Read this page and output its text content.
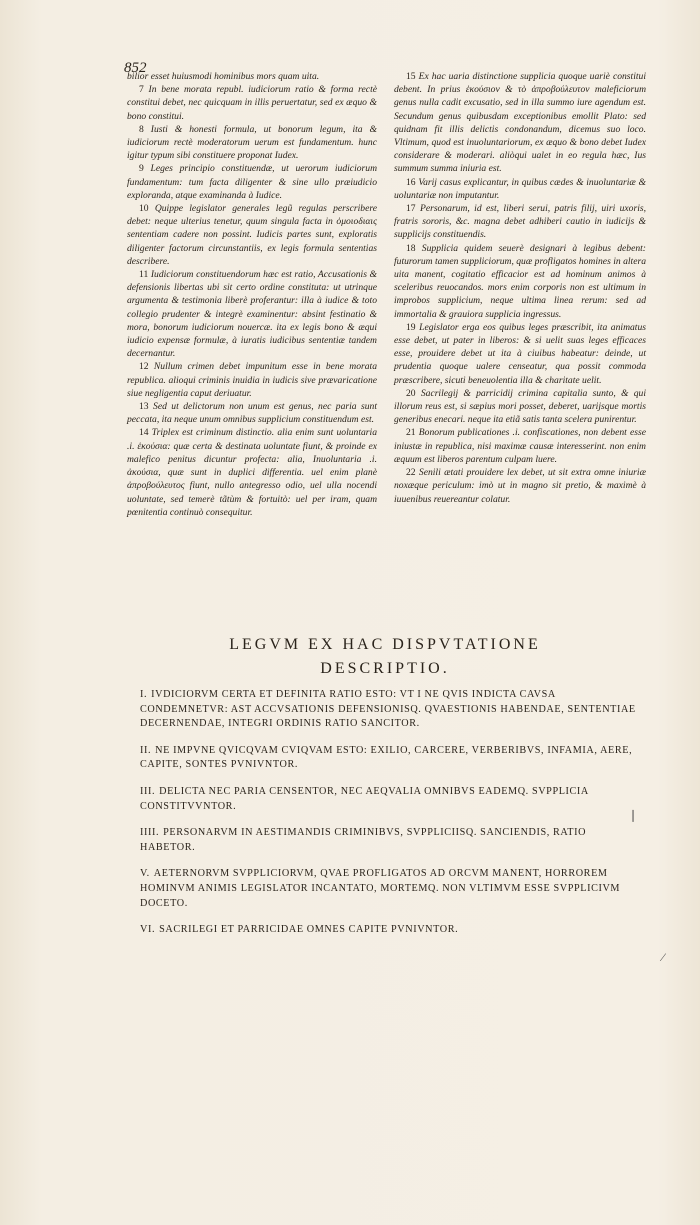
852

bilior esset huiusmodi hominibus mors quam uita.

7 In bene morata republ. iudiciorum ratio & forma rectè constitui debet, nec quicquam in illis peruertatur, sed ex æquo & bono constitui.

8 Iusti & honesti formula, ut bonorum legum, ita & iudiciorum rectè moderatorum uerum est fundamentum. hunc igitur typum sibi constituere proponat Iudex.

9 Leges principio constituendæ, ut uerorum iudiciorum fundamentum: tum facta diligenter & sine ullo præiudicio exploranda, atque examinanda à Iudice.

10 Quippe legislator generales legũ regulas perscribere debet: neque ulterius tenetur, quum singula facta in ὁμοιοδιαις sententiam cadere non possint. Iudicis partes sunt, exploratis diligenter factorum circunstantiis, ex legis formula sententias describere.

11 Iudiciorum constituendorum hæc est ratio, Accusationis & defensionis libertas ubi sit certo ordine constituta: ut utrinque argumenta & testimonia liberè proferantur: illa à iudice & toto collegio prudenter & integrè examinentur: absint festinatio & mora, bonorum iudiciorum nouercæ. ita ex legis bono & æqui iudicio expensæ formulæ, à iuratis iudicibus sententiæ tandem decernantur.

12 Nullum crimen debet impunitum esse in bene morata republica. alioqui criminis inuidia in iudicis sive prævaricatione siue negligentia caput deriuatur.

13 Sed ut delictorum non unum est genus, nec paria sunt peccata, ita neque unum omnibus supplicium constituendum est.

14 Triplex est criminum distinctio. alia enim sunt uoluntaria .i. ἑκούσια: quæ certa & destinata uoluntate fiunt, & proinde ex malefico penitus dicuntur profecta: alia, Inuoluntaria .i. ἀκούσια, quæ sunt in duplici differentia. uel enim planè ἀπροβούλευτος fiunt, nullo antegresso odio, uel ulla nocendi uoluntate, sed temerè tãtùm & fortuitò: uel per iram, quam pœnitentia continuò consequitur.

15 Ex hac uaria distinctione supplicia quoque uariè constitui debent. In prius ἑκούσιον & τὸ ἀπροβούλευτον maleficiorum genus nulla cadit excusatio, sed in illa summo iure agendum est. Secundum genus quibusdam exceptionibus emollit Plato: sed quidnam fit illis delictis condonandum, dicemus suo loco. Vltimum, quod est inuoluntariorum, ex æquo & bono debet Iudex considerare & moderari. aliòqui ualet in eo regula hæc, Ius summum summa iniuria est.

16 Varij casus explicantur, in quibus cædes & inuoluntariæ & uoluntariæ non imputantur.

17 Personarum, id est, liberi serui, patris filij, uiri uxoris, fratris sororis, &c. magna debet adhiberi cautio in iudicijs & supplicijs constituendis.

18 Supplicia quidem seuerè designari à legibus debent: futurorum tamen suppliciorum, quæ profligatos homines in altera uita manent, cogitatio efficacior est ad hominum animos à sceleribus reuocandos. mors enim corporis non est ultimum in improbos supplicium, neque ultima linea rerum: sed ad immortalia & grauiora supplicia ingressus.

19 Legislator erga eos quibus leges præscribit, ita animatus esse debet, ut pater in liberos: & si uelit suas leges efficaces esse, prouidere debet ut ita à ciuibus habeatur: deinde, ut prudentia quoque ualere censeatur, qua possit commoda præscribere, sicuti beneuolentia illa & charitate uelit.

20 Sacrilegij & parricidij crimina capitalia sunto, & qui illorum reus est, si sæpius mori posset, deberet, uarijsque mortis generibus enecari. neque ita etiã satis tanta scelera punirentur.

21 Bonorum publicationes .i. confiscationes, non debent esse iniustæ in republica, nisi maximæ causæ interesserint. non enim æquum est liberos parentum culpam luere.

22 Senili ætati prouidere lex debet, ut sit extra omne iniuriæ noxæque periculum: imò ut in magno sit pretio, & maximè à iuuenibus reuereantur colatur.

LEGVM EX HAC DISPVTATIONE
DESCRIPTIO.

I. IVDICIORVM CERTA ET DEFINITA RATIO ESTO: VT I NE QVIS INDICTA CAVSA CONDEMNETVR: AST ACCVSATIONIS DEFENSIONISQ. QVAESTIONIS HABENDAE, SENTENTIAE DECERNENDAE, INTEGRI ORDINIS RATIO SANCITOR.

II. NE IMPVNE QVICQVAM CVIQVAM ESTO: EXILIO, CARCERE, VERBERIBVS, INFAMIA, AERE, CAPITE, SONTES PVNIVNTOR.

III. DELICTA NEC PARIA CENSENTOR, NEC AEQVALIA OMNIBVS EADEMQ. SVPPLICIA CONSTITVVNTOR.

IIII. PERSONARVM IN AESTIMANDIS CRIMINIBVS, SVPPLICIISQ. SANCIENDIS, RATIO HABETOR.

V. AETERNORVM SVPPLICIORVM, QVAE PROFLIGATOS AD ORCVM MANENT, HORROREM HOMINVM ANIMIS LEGISLATOR INCANTATO, MORTEMQ. NON VLTIMVM ESSE SVPPLICIVM DOCETO.

VI. SACRILEGI ET PARRICIDAE OMNES CAPITE PVNIVNTOR.

❘
⁄
